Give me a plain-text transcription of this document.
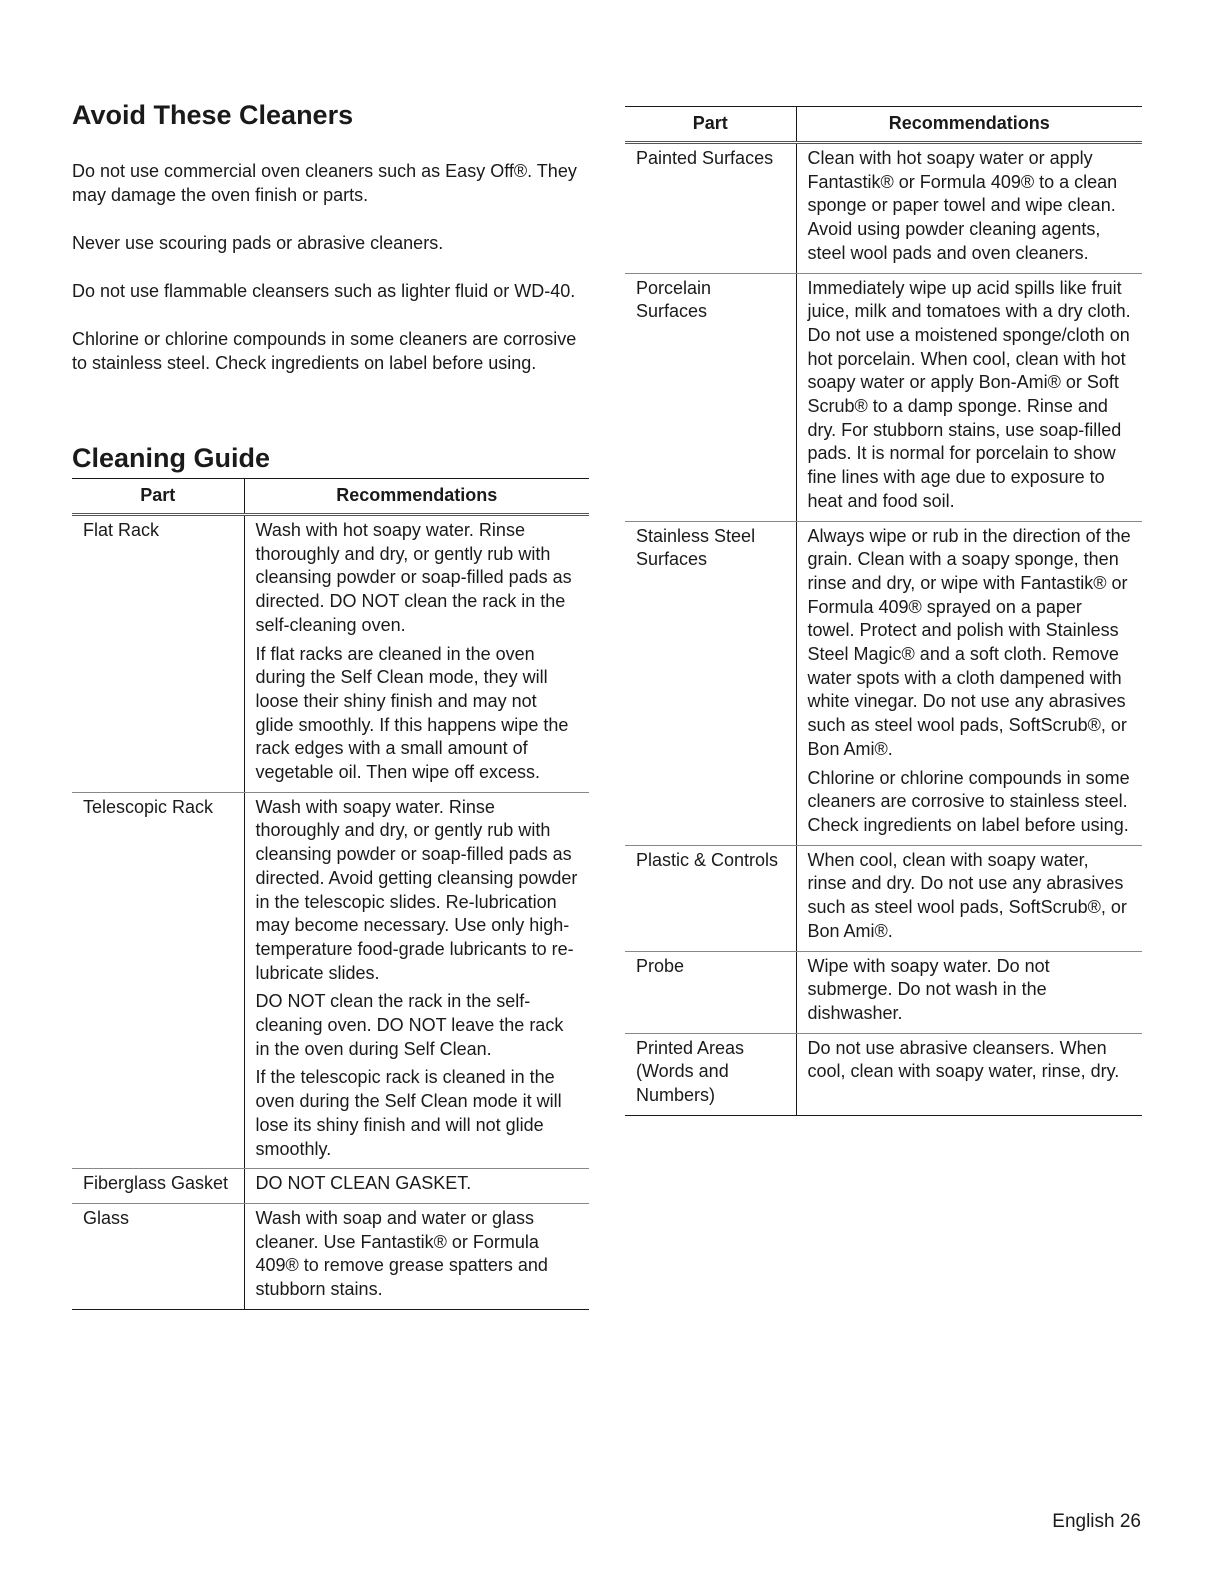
Avoid These Cleaners

Do not use commercial oven cleaners such as Easy Off®. They may damage the oven finish or parts.

Never use scouring pads or abrasive cleaners.

Do not use flammable cleansers such as lighter fluid or WD-40.

Chlorine or chlorine compounds in some cleaners are corrosive to stainless steel. Check ingredients on label before using.

Cleaning Guide
Part	Recommendations
Flat Rack	Wash with hot soapy water. Rinse thoroughly and dry, or gently rub with cleansing powder or soap-filled pads as directed. DO NOT clean the rack in the self-cleaning oven.

If flat racks are cleaned in the oven during the Self Clean mode, they will loose their shiny finish and may not glide smoothly. If this happens wipe the rack edges with a small amount of vegetable oil. Then wipe off excess.

Telescopic Rack	Wash with soapy water. Rinse thoroughly and dry, or gently rub with cleansing powder or soap-filled pads as directed. Avoid getting cleansing powder in the telescopic slides. Re-lubrication may become necessary. Use only high-temperature food-grade lubricants to re-lubricate slides.

DO NOT clean the rack in the self-cleaning oven. DO NOT leave the rack in the oven during Self Clean.

If the telescopic rack is cleaned in the oven during the Self Clean mode it will lose its shiny finish and will not glide smoothly.

Fiberglass Gasket	DO NOT CLEAN GASKET.

Glass	Wash with soap and water or glass cleaner. Use Fantastik® or Formula 409® to remove grease spatters and stubborn stains.

Part	Recommendations
Painted Surfaces	Clean with hot soapy water or apply Fantastik® or Formula 409® to a clean sponge or paper towel and wipe clean. Avoid using powder cleaning agents, steel wool pads and oven cleaners.

Porcelain Surfaces	Immediately wipe up acid spills like fruit juice, milk and tomatoes with a dry cloth. Do not use a moistened sponge/cloth on hot porcelain. When cool, clean with hot soapy water or apply Bon-Ami® or Soft Scrub® to a damp sponge. Rinse and dry. For stubborn stains, use soap-filled pads. It is normal for porcelain to show fine lines with age due to exposure to heat and food soil.

Stainless Steel Surfaces	Always wipe or rub in the direction of the grain. Clean with a soapy sponge, then rinse and dry, or wipe with Fantastik® or Formula 409® sprayed on a paper towel. Protect and polish with Stainless Steel Magic® and a soft cloth. Remove water spots with a cloth dampened with white vinegar. Do not use any abrasives such as steel wool pads, SoftScrub®, or Bon Ami®.

Chlorine or chlorine compounds in some cleaners are corrosive to stainless steel. Check ingredients on label before using.

Plastic & Controls	When cool, clean with soapy water, rinse and dry. Do not use any abrasives such as steel wool pads, SoftScrub®, or Bon Ami®.

Probe	Wipe with soapy water. Do not submerge. Do not wash in the dishwasher.

Printed Areas (Words and Numbers)	Do not use abrasive cleansers. When cool, clean with soapy water, rinse, dry.

English 26
